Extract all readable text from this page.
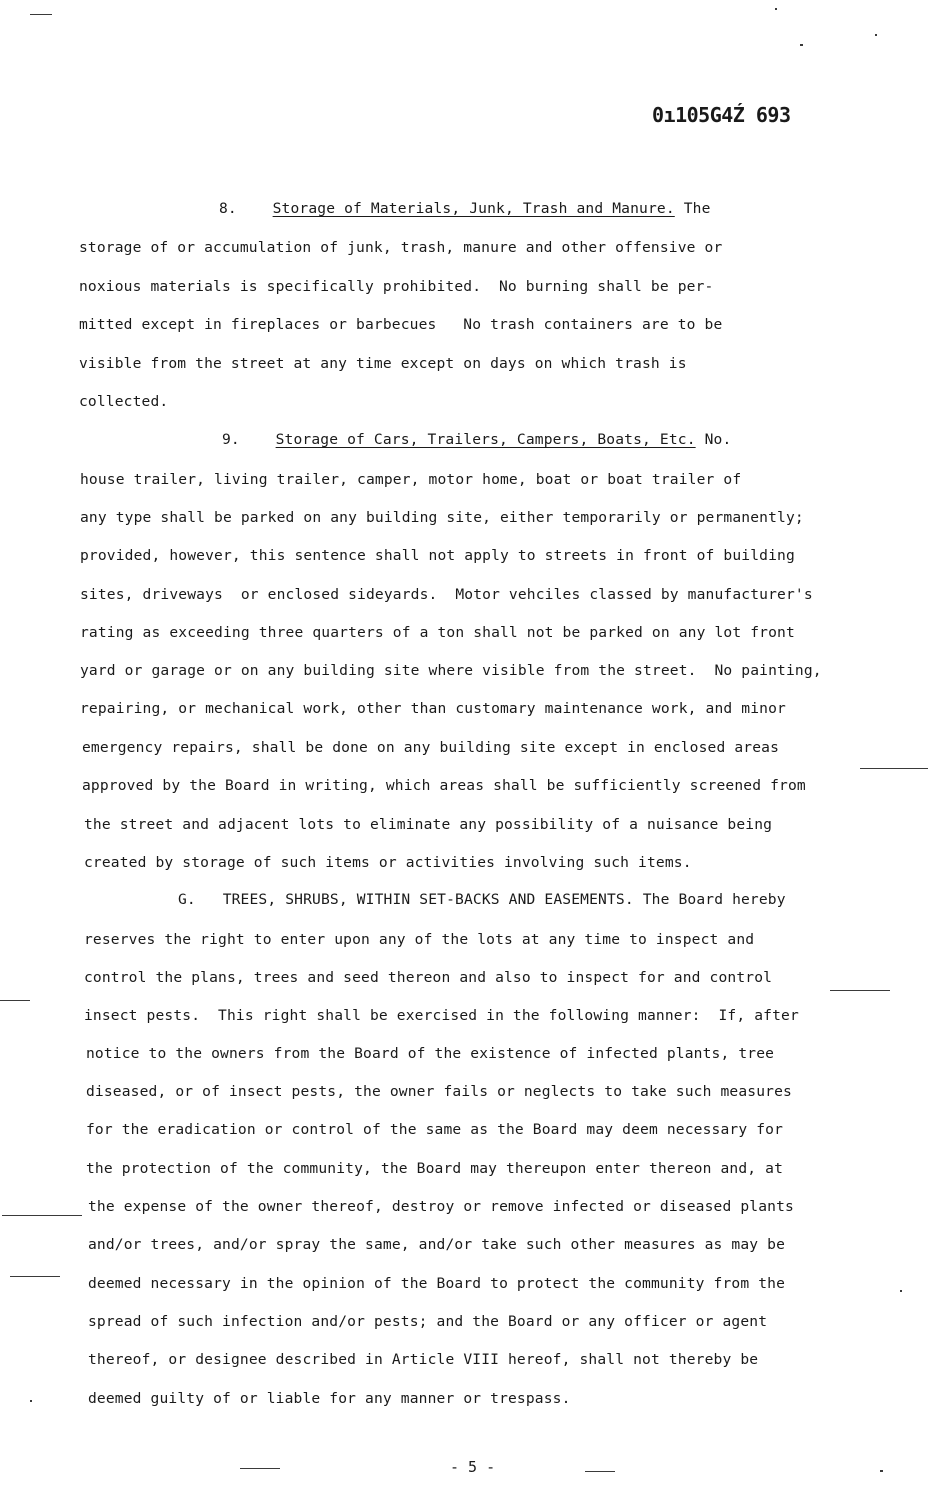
0ı105G4Ź 693
8. Storage of Materials, Junk, Trash and Manure. The
storage of or accumulation of junk, trash, manure and other offensive or
noxious materials is specifically prohibited.  No burning shall be per-
mitted except in fireplaces or barbecues   No trash containers are to be
visible from the street at any time except on days on which trash is
collected.
9. Storage of Cars, Trailers, Campers, Boats, Etc. No.
house trailer, living trailer, camper, motor home, boat or boat trailer of
any type shall be parked on any building site, either temporarily or permanently;
provided, however, this sentence shall not apply to streets in front of building
sites, driveways  or enclosed sideyards.  Motor vehciles classed by manufacturer's
rating as exceeding three quarters of a ton shall not be parked on any lot front
yard or garage or on any building site where visible from the street.  No painting,
repairing, or mechanical work, other than customary maintenance work, and minor
emergency repairs, shall be done on any building site except in enclosed areas
approved by the Board in writing, which areas shall be sufficiently screened from
the street and adjacent lots to eliminate any possibility of a nuisance being
created by storage of such items or activities involving such items.
G. TREES, SHRUBS, WITHIN SET-BACKS AND EASEMENTS. The Board hereby
reserves the right to enter upon any of the lots at any time to inspect and
control the plans, trees and seed thereon and also to inspect for and control
insect pests.  This right shall be exercised in the following manner:  If, after
notice to the owners from the Board of the existence of infected plants, tree
diseased, or of insect pests, the owner fails or neglects to take such measures
for the eradication or control of the same as the Board may deem necessary for
the protection of the community, the Board may thereupon enter thereon and, at
the expense of the owner thereof, destroy or remove infected or diseased plants
and/or trees, and/or spray the same, and/or take such other measures as may be
deemed necessary in the opinion of the Board to protect the community from the
spread of such infection and/or pests; and the Board or any officer or agent
thereof, or designee described in Article VIII hereof, shall not thereby be
deemed guilty of or liable for any manner or trespass.
- 5 -
